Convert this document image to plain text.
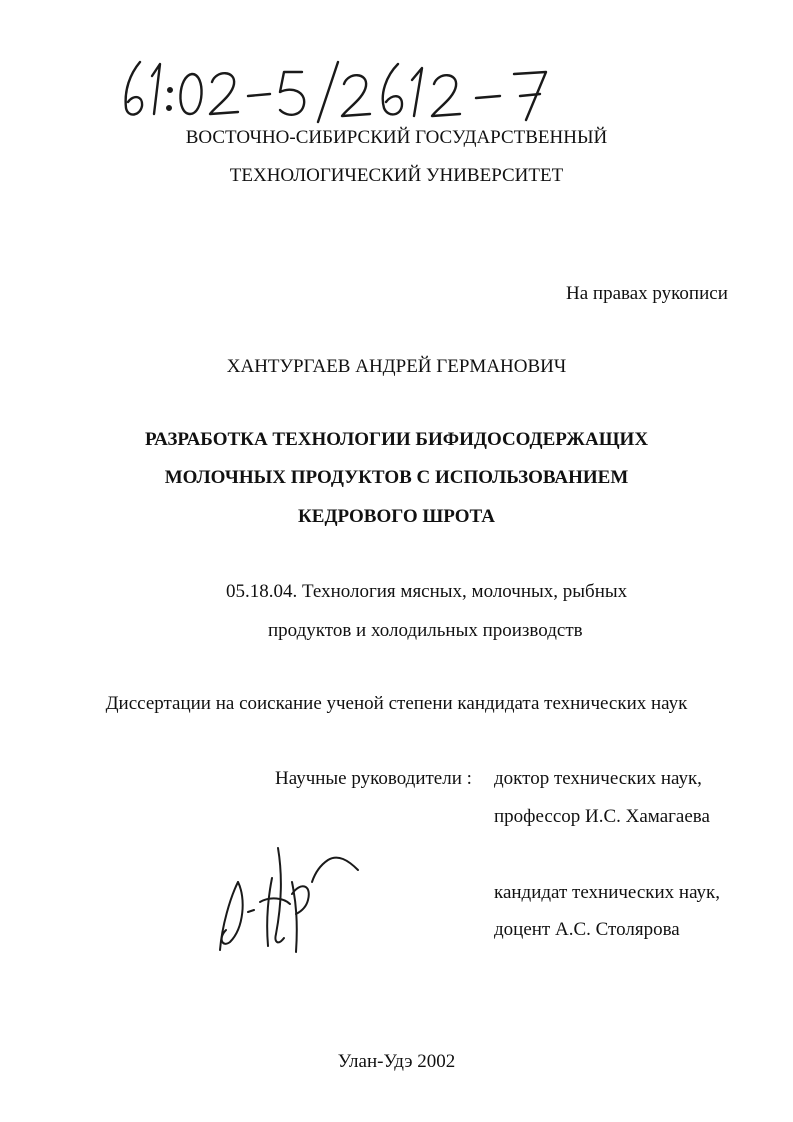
ВОСТОЧНО-СИБИРСКИЙ ГОСУДАРСТВЕННЫЙ
ТЕХНОЛОГИЧЕСКИЙ УНИВЕРСИТЕТ
На правах рукописи
ХАНТУРГАЕВ АНДРЕЙ ГЕРМАНОВИЧ
РАЗРАБОТКА ТЕХНОЛОГИИ БИФИДОСОДЕРЖАЩИХ
МОЛОЧНЫХ ПРОДУКТОВ С ИСПОЛЬЗОВАНИЕМ
КЕДРОВОГО ШРОТА
05.18.04. Технология мясных, молочных, рыбных
продуктов и холодильных производств
Диссертации на соискание ученой степени кандидата технических наук
Научные руководители : доктор технических наук,
профессор И.С. Хамагаева
кандидат технических наук,
доцент А.С. Столярова
Улан-Удэ 2002
